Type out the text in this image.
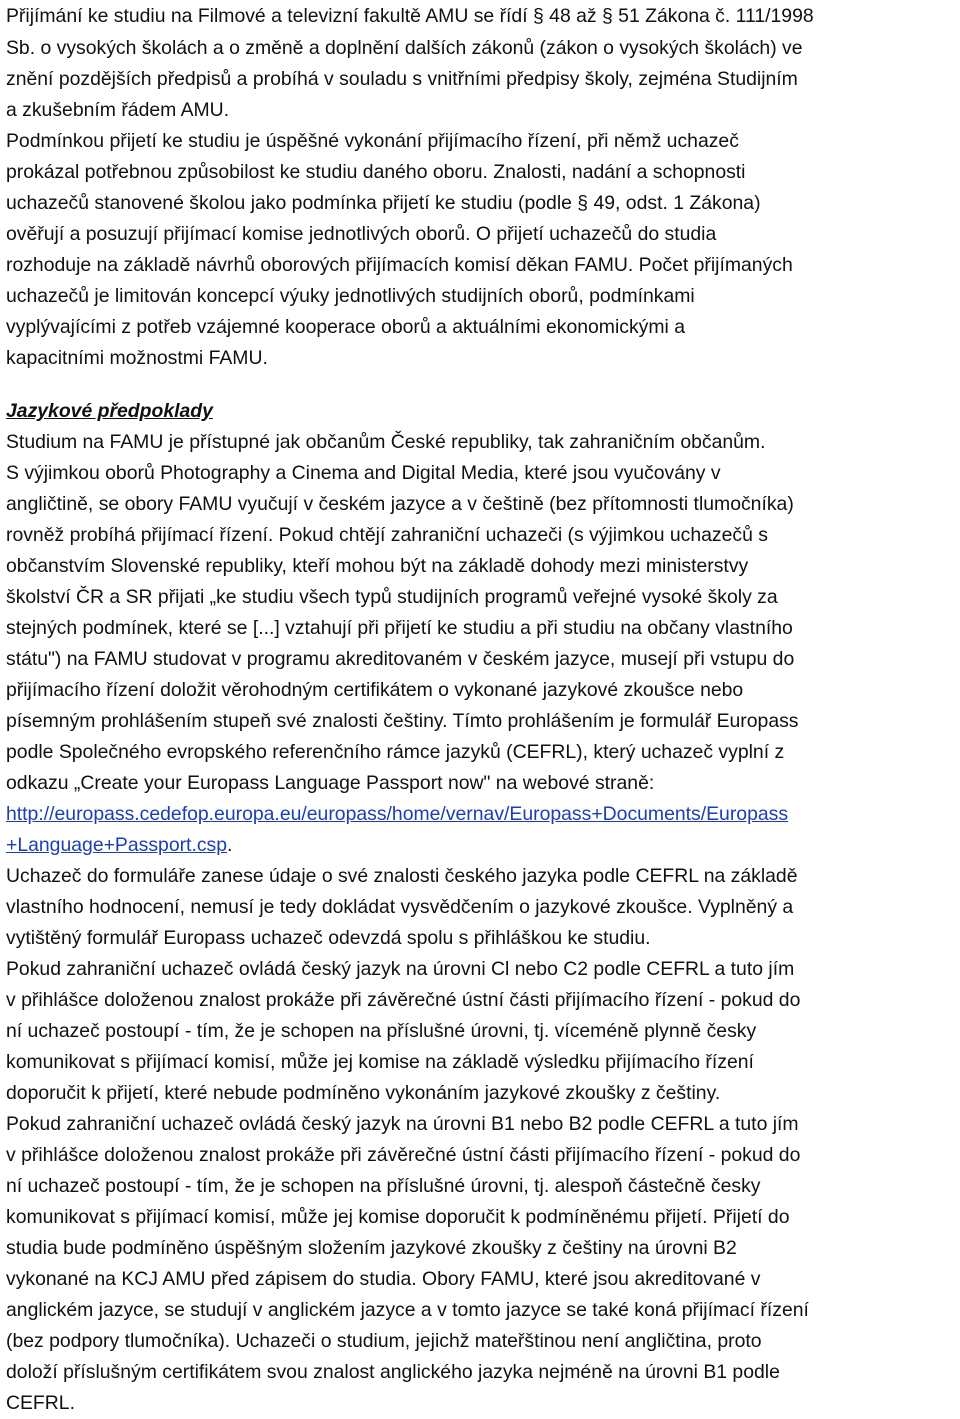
Přijímání ke studiu na Filmové a televizní fakultě AMU se řídí § 48 až § 51 Zákona č. 111/1998
Sb. o vysokých školách a o změně a doplnění dalších zákonů (zákon o vysokých školách) ve
znění pozdějších předpisů a probíhá v souladu s vnitřními předpisy školy, zejména Studijním
a zkušebním řádem AMU.
Podmínkou přijetí ke studiu je úspěšné vykonání přijímacího řízení, při němž uchazeč
prokázal potřebnou způsobilost ke studiu daného oboru. Znalosti, nadání a schopnosti
uchazečů stanovené školou jako podmínka přijetí ke studiu (podle § 49, odst. 1 Zákona)
ověřují a posuzují přijímací komise jednotlivých oborů. O přijetí uchazečů do studia
rozhoduje na základě návrhů oborových přijímacích komisí děkan FAMU. Počet přijímaných
uchazečů je limitován koncepcí výuky jednotlivých studijních oborů, podmínkami
vyplývajícími z potřeb vzájemné kooperace oborů a aktuálními ekonomickými a
kapacitními možnostmi FAMU.
Jazykové předpoklady
Studium na FAMU je přístupné jak občanům České republiky, tak zahraničním občanům.
S výjimkou oborů Photography a Cinema and Digital Media, které jsou vyučovány v
angličtině, se obory FAMU vyučují v českém jazyce a v češtině (bez přítomnosti tlumočníka)
rovněž probíhá přijímací řízení. Pokud chtějí zahraniční uchazeči (s výjimkou uchazečů s
občanstvím Slovenské republiky, kteří mohou být na základě dohody mezi ministerstvy
školství ČR a SR přijati „ke studiu všech typů studijních programů veřejné vysoké školy za
stejných podmínek, které se [...] vztahují při přijetí ke studiu a při studiu na občany vlastního
státu") na FAMU studovat v programu akreditovaném v českém jazyce, musejí při vstupu do
přijímacího řízení doložit věrohodným certifikátem o vykonané jazykové zkoušce nebo
písemným prohlášením stupeň své znalosti češtiny. Tímto prohlášením je formulář Europass
podle Společného evropského referenčního rámce jazyků (CEFRL), který uchazeč vyplní z
odkazu „Create your Europass Language Passport now" na webové straně:
http://europass.cedefop.europa.eu/europass/home/vernav/Europass+Documents/Europass
+Language+Passport.csp.
Uchazeč do formuláře zanese údaje o své znalosti českého jazyka podle CEFRL na základě
vlastního hodnocení, nemusí je tedy dokládat vysvědčením o jazykové zkoušce. Vyplněný a
vytištěný formulář Europass uchazeč odevzdá spolu s přihláškou ke studiu.
Pokud zahraniční uchazeč ovládá český jazyk na úrovni Cl nebo C2 podle CEFRL a tuto jím
v přihlášce doloženou znalost prokáže při závěrečné ústní části přijímacího řízení - pokud do
ní uchazeč postoupí - tím, že je schopen na příslušné úrovni, tj. víceméně plynně česky
komunikovat s přijímací komisí, může jej komise na základě výsledku přijímacího řízení
doporučit k přijetí, které nebude podmíněno vykonáním jazykové zkoušky z češtiny.
Pokud zahraniční uchazeč ovládá český jazyk na úrovni B1 nebo B2 podle CEFRL a tuto jím
v přihlášce doloženou znalost prokáže při závěrečné ústní části přijímacího řízení - pokud do
ní uchazeč postoupí - tím, že je schopen na příslušné úrovni, tj. alespoň částečně česky
komunikovat s přijímací komisí, může jej komise doporučit k podmíněnému přijetí. Přijetí do
studia bude podmíněno úspěšným složením jazykové zkoušky z češtiny na úrovni B2
vykonané na KCJ AMU před zápisem do studia. Obory FAMU, které jsou akreditované v
anglickém jazyce, se studují v anglickém jazyce a v tomto jazyce se také koná přijímací řízení
(bez podpory tlumočníka). Uchazeči o studium, jejichž mateřštinou není angličtina, proto
doloží příslušným certifikátem svou znalost anglického jazyka nejméně na úrovni B1 podle
CEFRL.
